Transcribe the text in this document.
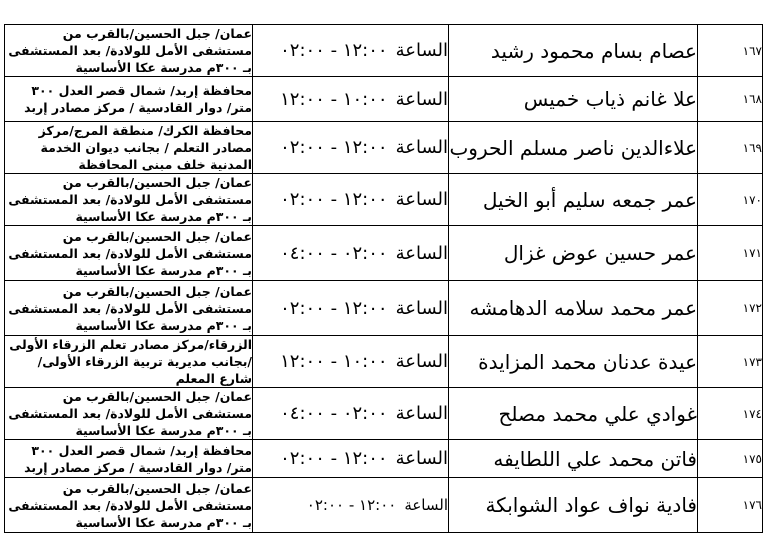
عمان/ جبل الحسين/بالقرب من مستشفى الأمل للولادة/ بعد المستشفى بـ ٣٠٠م مدرسة عكا الأساسية	الساعة١٢:٠٠ - ٠٢:٠٠	عصام بسام محمود رشيد	١٦٧
محافظة إربد/ شمال قصر العدل ٣٠٠ متر/ دوار القادسية / مركز مصادر إربد	الساعة١٠:٠٠ - ١٢:٠٠	علا غانم ذياب خميس	١٦٨
محافظة الكرك/ منطقة المرج/مركز مصادر التعلم / بجانب ديوان الخدمة المدنية خلف مبنى المحافظة	الساعة١٢:٠٠ - ٠٢:٠٠	علاءالدين ناصر مسلم الحروب	١٦٩
عمان/ جبل الحسين/بالقرب من مستشفى الأمل للولادة/ بعد المستشفى بـ ٣٠٠م مدرسة عكا الأساسية	الساعة١٢:٠٠ - ٠٢:٠٠	عمر جمعه سليم أبو الخيل	١٧٠
عمان/ جبل الحسين/بالقرب من مستشفى الأمل للولادة/ بعد المستشفى بـ ٣٠٠م مدرسة عكا الأساسية	الساعة٠٢:٠٠ - ٠٤:٠٠	عمر حسين عوض غزال	١٧١
عمان/ جبل الحسين/بالقرب من مستشفى الأمل للولادة/ بعد المستشفى بـ ٣٠٠م مدرسة عكا الأساسية	الساعة١٢:٠٠ - ٠٢:٠٠	عمر محمد سلامه الدهامشه	١٧٢
الزرقاء/مركز مصادر تعلم الزرقاء الأولى /بجانب مديرية تربية الزرقاء الأولى/ شارع المعلم	الساعة١٠:٠٠ - ١٢:٠٠	عيدة عدنان محمد المزايدة	١٧٣
عمان/ جبل الحسين/بالقرب من مستشفى الأمل للولادة/ بعد المستشفى بـ ٣٠٠م مدرسة عكا الأساسية	الساعة٠٢:٠٠ - ٠٤:٠٠	غوادي علي محمد مصلح	١٧٤
محافظة إربد/ شمال قصر العدل ٣٠٠ متر/ دوار القادسية / مركز مصادر إربد	الساعة١٢:٠٠ - ٠٢:٠٠	فاتن محمد علي اللطايفه	١٧٥
عمان/ جبل الحسين/بالقرب من مستشفى الأمل للولادة/ بعد المستشفى بـ ٣٠٠م مدرسة عكا الأساسية	الساعة١٢:٠٠ - ٠٢:٠٠	فادية نواف عواد الشوابكة	١٧٦
